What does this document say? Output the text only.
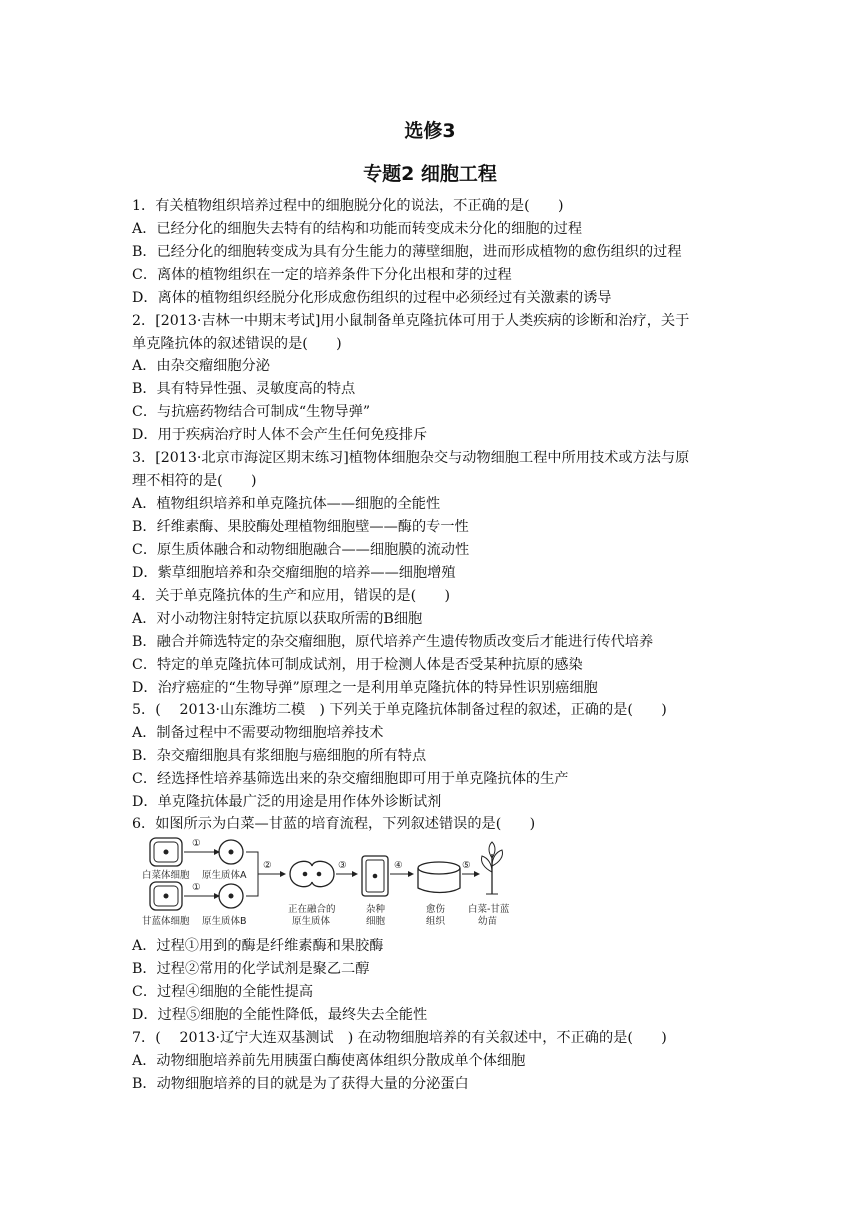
选修3
专题2 细胞工程
1．有关植物组织培养过程中的细胞脱分化的说法，不正确的是(　　)
A．已经分化的细胞失去特有的结构和功能而转变成未分化的细胞的过程
B．已经分化的细胞转变成为具有分生能力的薄壁细胞，进而形成植物的愈伤组织的过程
C．离体的植物组织在一定的培养条件下分化出根和芽的过程
D．离体的植物组织经脱分化形成愈伤组织的过程中必须经过有关激素的诱导
2．[2013·吉林一中期末考试]用小鼠制备单克隆抗体可用于人类疾病的诊断和治疗，关于
单克隆抗体的叙述错误的是(　　)
A．由杂交瘤细胞分泌
B．具有特异性强、灵敏度高的特点
C．与抗癌药物结合可制成“生物导弹”
D．用于疾病治疗时人体不会产生任何免疫排斥
3．[2013·北京市海淀区期末练习]植物体细胞杂交与动物细胞工程中所用技术或方法与原
理不相符的是(　　)
A．植物组织培养和单克隆抗体——细胞的全能性
B．纤维素酶、果胶酶处理植物细胞壁——酶的专一性
C．原生质体融合和动物细胞融合——细胞膜的流动性
D．紫草细胞培养和杂交瘤细胞的培养——细胞增殖
4．关于单克隆抗体的生产和应用，错误的是(　　)
A．对小动物注射特定抗原以获取所需的B细胞
B．融合并筛选特定的杂交瘤细胞，原代培养产生遗传物质改变后才能进行传代培养
C．特定的单克隆抗体可制成试剂，用于检测人体是否受某种抗原的感染
D．治疗癌症的“生物导弹”原理之一是利用单克隆抗体的特异性识别癌细胞
5．(　 2013·山东潍坊二模　) 下列关于单克隆抗体制备过程的叙述，正确的是(　　)
A．制备过程中不需要动物细胞培养技术
B．杂交瘤细胞具有浆细胞与癌细胞的所有特点
C．经选择性培养基筛选出来的杂交瘤细胞即可用于单克隆抗体的生产
D．单克隆抗体最广泛的用途是用作体外诊断试剂
6．如图所示为白菜—甘蓝的培育流程，下列叙述错误的是(　　)
白菜体细胞
①
原生质体A
甘蓝体细胞
①
原生质体B
②
正在融合的
原生质体
③
杂种
细胞
④
愈伤
组织
⑤
白菜-甘蓝
幼苗
A．过程①用到的酶是纤维素酶和果胶酶
B．过程②常用的化学试剂是聚乙二醇
C．过程④细胞的全能性提高
D．过程⑤细胞的全能性降低，最终失去全能性
7．(　 2013·辽宁大连双基测试　) 在动物细胞培养的有关叙述中，不正确的是(　　)
A．动物细胞培养前先用胰蛋白酶使离体组织分散成单个体细胞
B．动物细胞培养的目的就是为了获得大量的分泌蛋白
